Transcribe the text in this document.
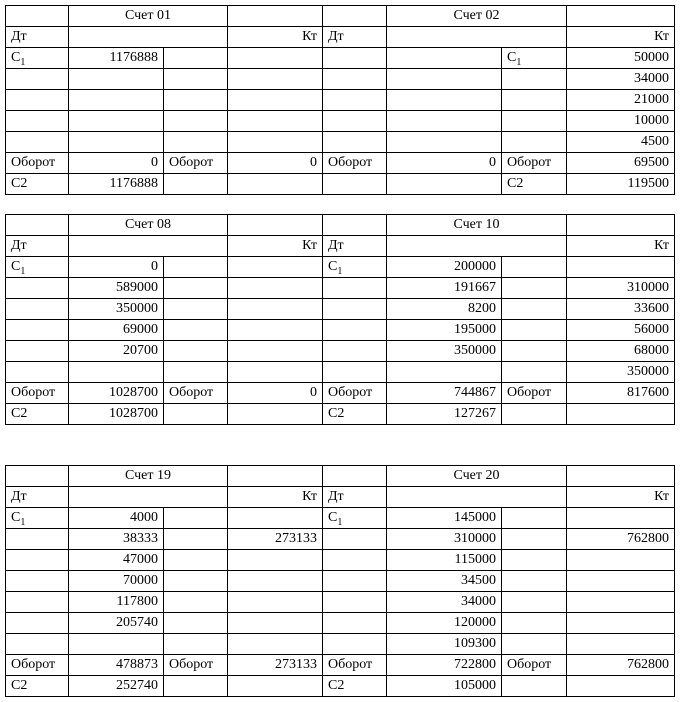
	Счет 01				Счет 02		
Дт			Кт	Дт			Кт
$С_1$	1176888					$С_1$	50000
							34000
							21000
							10000
							4500
Оборот	0	Оборот	0	Оборот	0	Оборот	69500
С2	1176888					С2	119500
	Счет 08				Счет 10		
Дт			Кт	Дт			Кт
$С_1$	0			$С_1$	200000		
	589000				191667		310000
	350000				8200		33600
	69000				195000		56000
	20700				350000		68000
							350000
Оборот	1028700	Оборот	0	Оборот	744867	Оборот	817600
С2	1028700			С2	127267		
	Счет 19				Счет 20		
Дт			Кт	Дт			Кт
$С_1$	4000			$С_1$	145000		
	38333		273133		310000		762800
	47000				115000		
	70000				34500		
	117800				34000		
	205740				120000		
					109300		
Оборот	478873	Оборот	273133	Оборот	722800	Оборот	762800
С2	252740			С2	105000		
